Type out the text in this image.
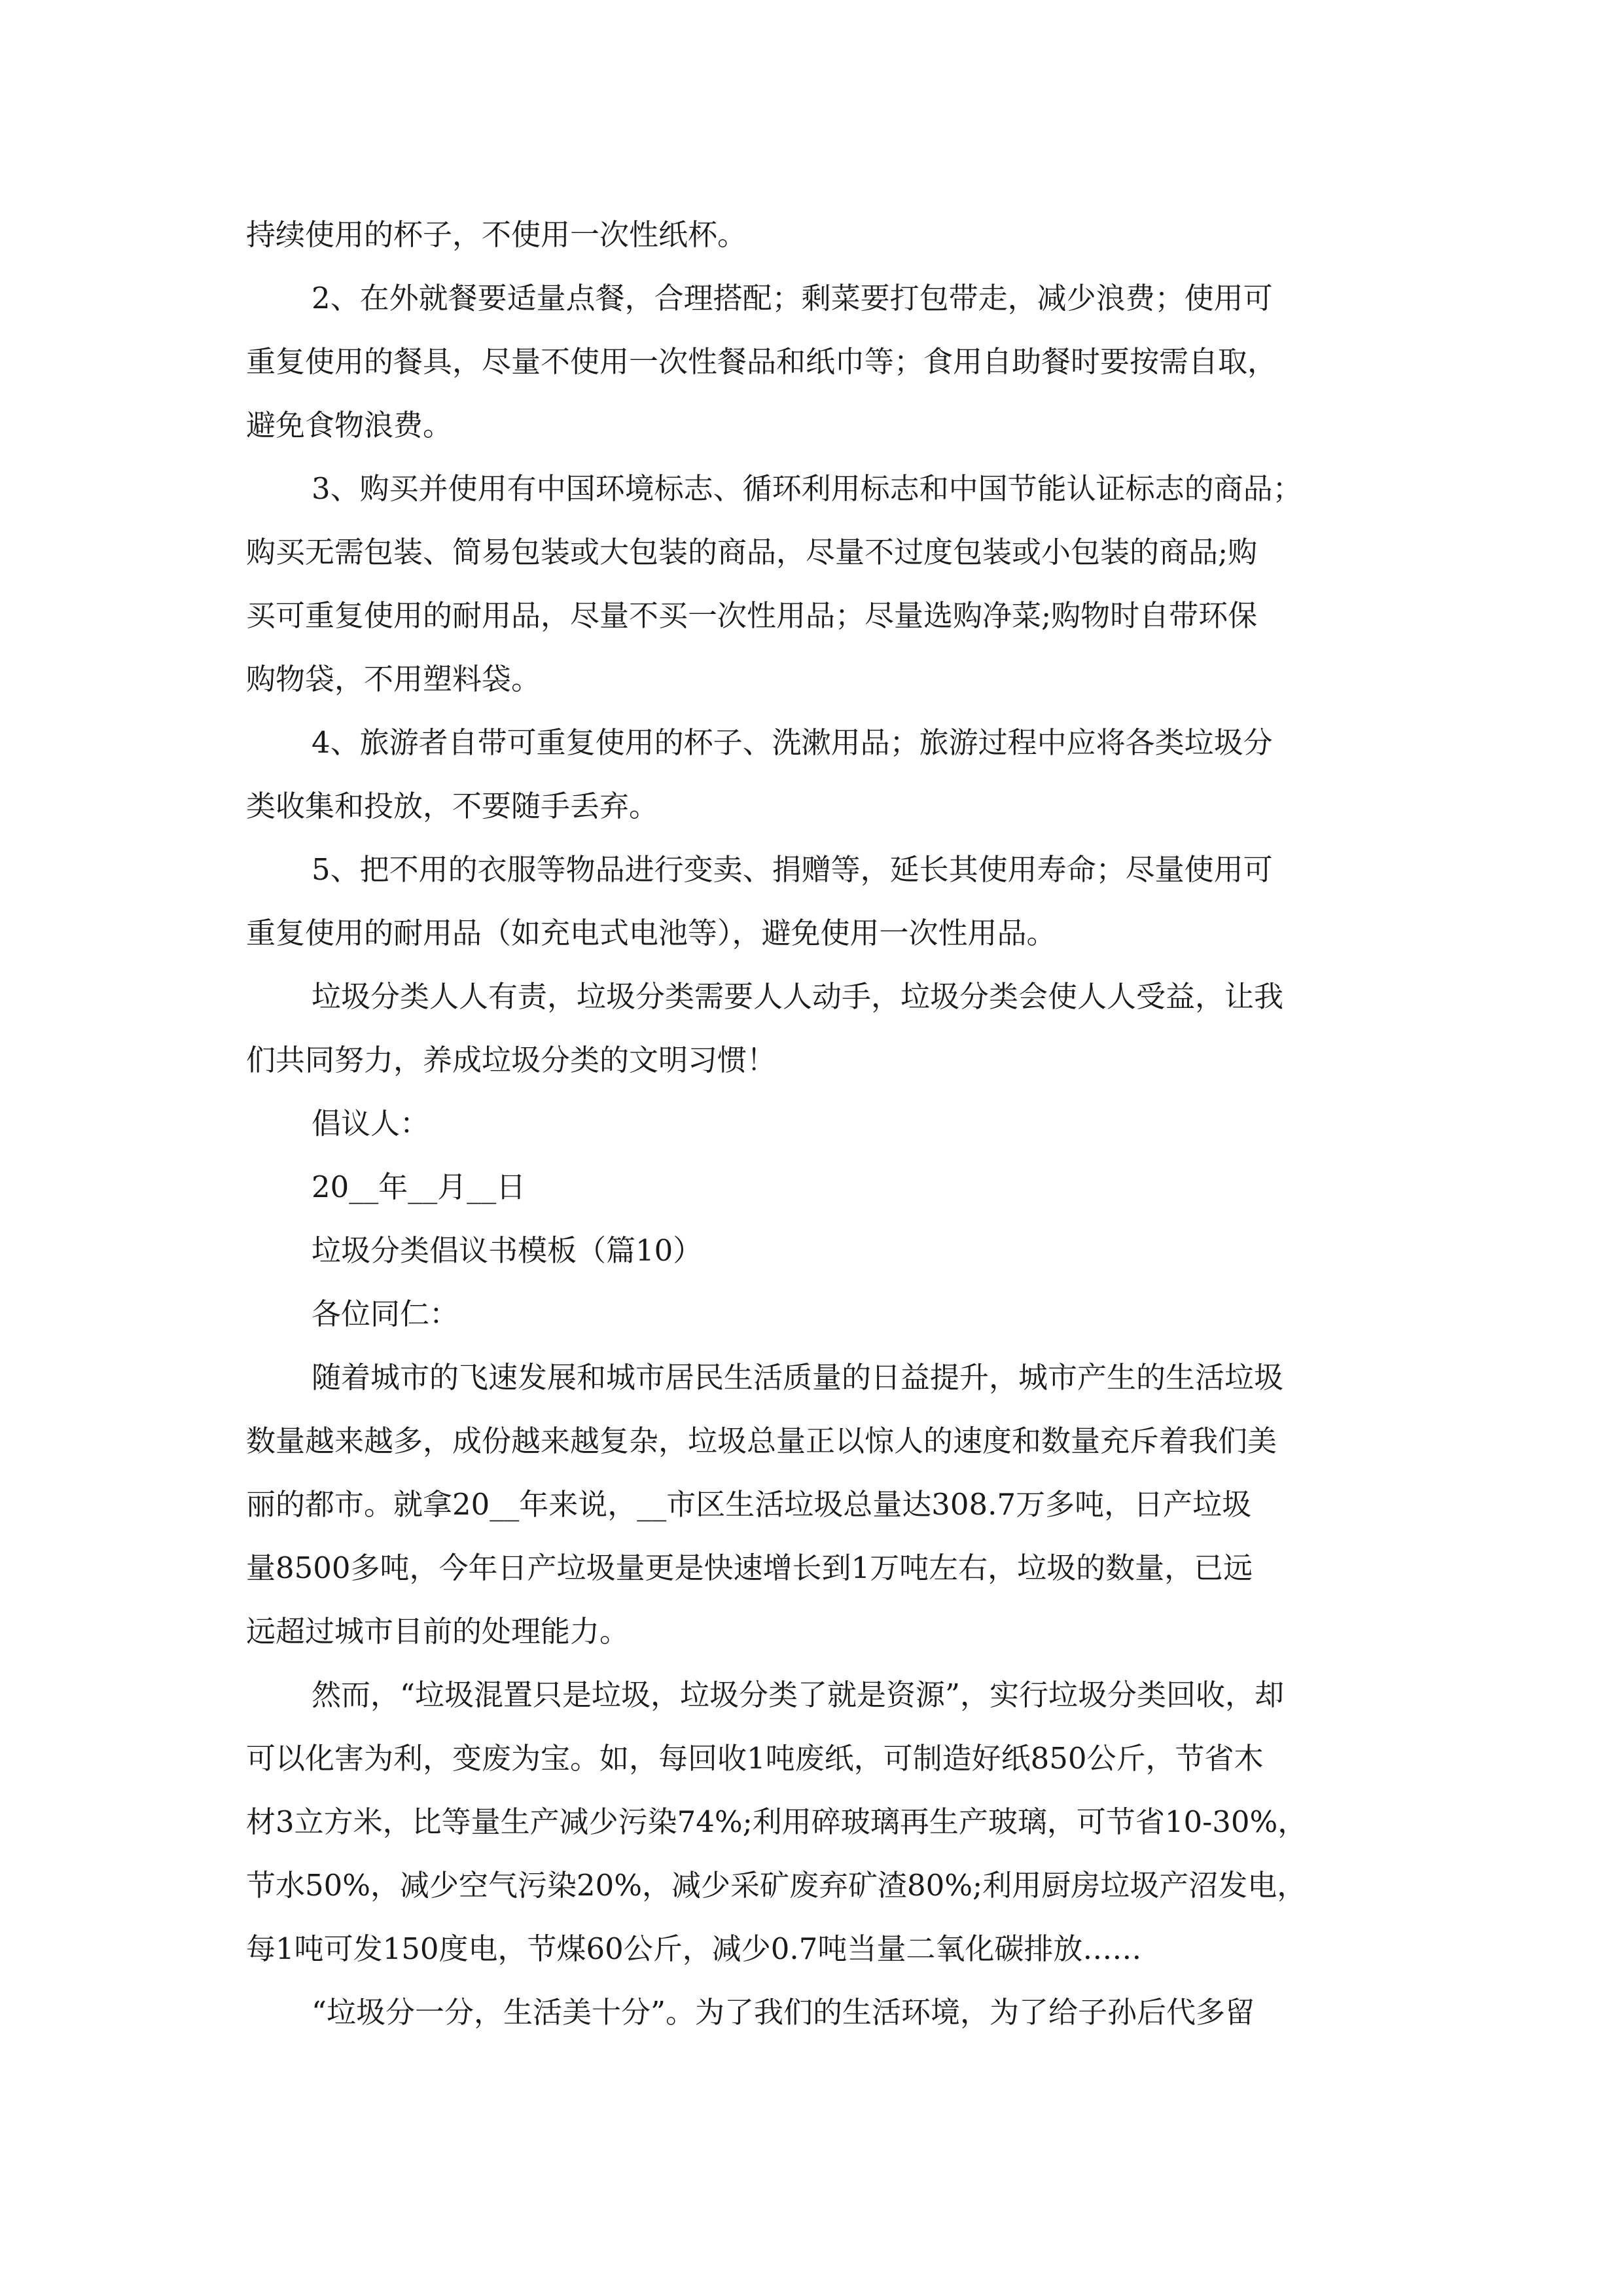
持续使用的杯子，不使用一次性纸杯。
2、在外就餐要适量点餐，合理搭配；剩菜要打包带走，减少浪费；使用可
重复使用的餐具，尽量不使用一次性餐品和纸巾等；食用自助餐时要按需自取，
避免食物浪费。
3、购买并使用有中国环境标志、循环利用标志和中国节能认证标志的商品；
购买无需包装、简易包装或大包装的商品，尽量不过度包装或小包装的商品;购
买可重复使用的耐用品，尽量不买一次性用品；尽量选购净菜;购物时自带环保
购物袋，不用塑料袋。
4、旅游者自带可重复使用的杯子、洗漱用品；旅游过程中应将各类垃圾分
类收集和投放，不要随手丢弃。
5、把不用的衣服等物品进行变卖、捐赠等，延长其使用寿命；尽量使用可
重复使用的耐用品（如充电式电池等），避免使用一次性用品。
垃圾分类人人有责，垃圾分类需要人人动手，垃圾分类会使人人受益，让我
们共同努力，养成垃圾分类的文明习惯！
倡议人：
20__年__月__日
垃圾分类倡议书模板（篇10）
各位同仁：
随着城市的飞速发展和城市居民生活质量的日益提升，城市产生的生活垃圾
数量越来越多，成份越来越复杂，垃圾总量正以惊人的速度和数量充斥着我们美
丽的都市。就拿20__年来说，__市区生活垃圾总量达308.7万多吨，日产垃圾
量8500多吨，今年日产垃圾量更是快速增长到1万吨左右，垃圾的数量，已远
远超过城市目前的处理能力。
然而，“垃圾混置只是垃圾，垃圾分类了就是资源”，实行垃圾分类回收，却
可以化害为利，变废为宝。如，每回收1吨废纸，可制造好纸850公斤，节省木
材3立方米，比等量生产减少污染74%;利用碎玻璃再生产玻璃，可节省10-30%，
节水50%，减少空气污染20%，减少采矿废弃矿渣80%;利用厨房垃圾产沼发电，
每1吨可发150度电，节煤60公斤，减少0.7吨当量二氧化碳排放……
“垃圾分一分，生活美十分”。为了我们的生活环境，为了给子孙后代多留
